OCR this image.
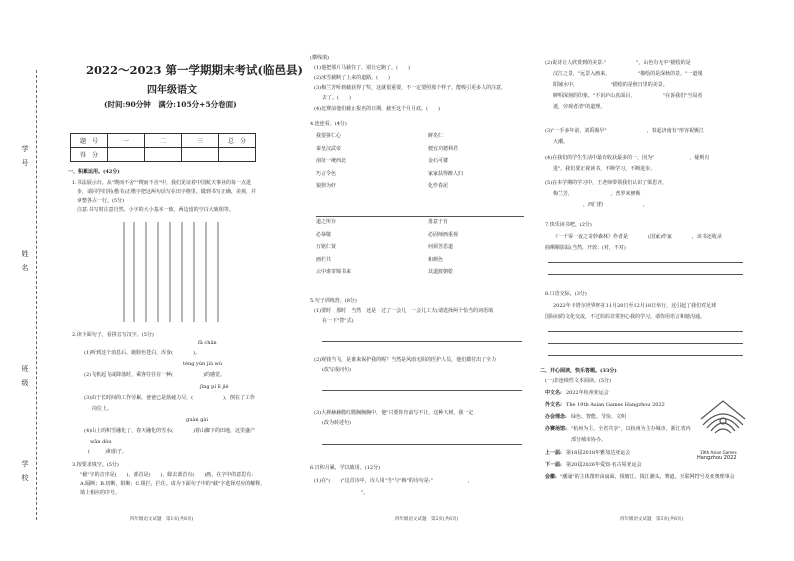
学　号
姓　名
班　级
学　校
2022～2023 第一学期期末考试(临邑县)
四年级语文
(时间:90分钟　满分:105分+5分卷面)
题　号	一	二	三	总　分
得　分				
一、积累运用。(42分)
1.书法展示台。从"锲而不舍""锲而不舍"中，我们见证着中国航天事业的每一点进
步，请同学们用(楷书)正楷字把这两句话写在田字格里，做到书写正确、美观，并
章整各占一行。(5分)
注意:书写时注意自然、小字的大小基本一致，两边留的空白大致相等。
2.读下面句子，看拼音写汉字。(5分)
fā chǎn
(1)听到这个消息后，她脸色苍白，浑身(　　　　)。
téng yún jià wù
(2)飞机起飞或降落时，乘客往往有一种(　　　　　　)的感觉。
jīng pí lì jié
(3)由于长时间的工作劳累，爸爸已是筋疲力尽，(　　　　　　)，倒在了工作
岗位上。
guàn gài
(4)山上的积雪融化了，春天融化的雪水(　　　　)着山脚下的田地，这里盛产
wān dòu
(　　　)和茄子。
3.按要求填空。(5分)
"截"字的音序是(　　)，部首是(　　)，除去部首有(　　)画，在字中的意思有:
A.隔断；B.切断，阻断；C.阻拦，拦住。请为下面句子中的"截"字选择对应的解释，
填上相应的序号。
四年级语文试题　第1页(共6页)
(横线填)
(1)他把那片马截住了，别让它跑了。(　　)
(2)冰雪截断了上来的道路。(　　)
(3)梅兰芳听到截获得了奖，这就很重要，不一定要照那个样子，能吸引更多人的注意，
去了。(　　)
(4)比赛前他们截止报名的日期，截至这个月月底。(　　)
4.连连看。(4分)
我要拼仁心
秦皇汉武帝
南征一统西北
巧言令色
狼狈为奸

道之所存
必恭敬
万铭仁贤
画栏共
云中谁寄锦书来
鲜矣仁
便宜功德利君
金石可镂
家家扶得醉人归
化作春泥

毋意于有
必固师画重视
何须苦思道
和颜色
其道渡朝乾
5.句子训练营。(8分)
(1)要时　那时　当然　还是　过了一会儿　一会儿工夫(请选择两个恰当的词语填
在一下"替"式)
(2)观钱当飞，是谁来保护我的呢？当然是风雨无阻的医护人员，他们都付出了全力
(改写成问句)
(3)大禅赫赫脆红脆胸胸胸中，他"只要你肯前写不让，这种大树，我一定
(改为转述句)
6.日积月累，学以致用。(12分)
(1)在"(　　)"这首诗中，诗人用"当"与"梅"的诗句是:"　　　　　　　，
　　　　　　　"。
四年级语文试题　第2页(共6页)
(2)说诗让人欣赏到的美景:"　　　　　　"，山色有无中"描绘的是
汉江之景，"远景入画来，　　　　　　"描绘的是深秋的景，"一道残
阳铺水中，　　　　　　　"描绘的是秋日里的美景。
鲜明深刻的印象，"不识庐山真面目，　　　　　　"在诉我们"当局者
迷，旁观者清"的道理。
(3)"一手多年前，刘禹锡早"　　　　　　　　，春起济南有"形容祝姚江
大潮。
(4)在我们的学生生活中最有收获最多的一，因为"　　　　　　　，疑则有
进"，我们要正视读书，不断学习，不断进步。
(5)在本学期的学习中，王老师带领我们认识了梁思齐，
梅兰芳，　　　　　　　　，普罗米修斯
　　　　　　，西门豹　　　　　　　　，
7.快乐读书吧。(2分)
《一千零一夜之奇妙森林》作者是　　　　(国家)作家　　　　，该书还收录
曲晒顺影踪(当然，开放：(对，不对)
8.口语交际。(3分)
2022年卡塔尔世界杯在11月20日至12月18日举行，这引起了我们对足球
国际间的文化交流，不过妈妈非常担心我的学习。请你用语言和她沟通。
二、开心阅读，快乐答题。(33分)
(一)非连续性文本阅读。(5分)
中文名: 2022年杭州亚运会
外文名: The 19th Asian Games Hangzhou 2022
办会理念: 绿色、智能、节俭、文明
办赛场馆: "杭州为主、全省共享"，以杭州为主办城市，浙江省内
部分城市协办。
上一届: 第18届2018年雅加达亚运会
下一届: 第20届2026年爱知·名古屋亚运会
会徽: "潮涌"的主体图形由扇面、钱塘江、钱江潮头、赛道、互联网符号及亚奥理事会
19th Asian Games
Hangzhou 2022
四年级语文试题　第3页(共6页)
